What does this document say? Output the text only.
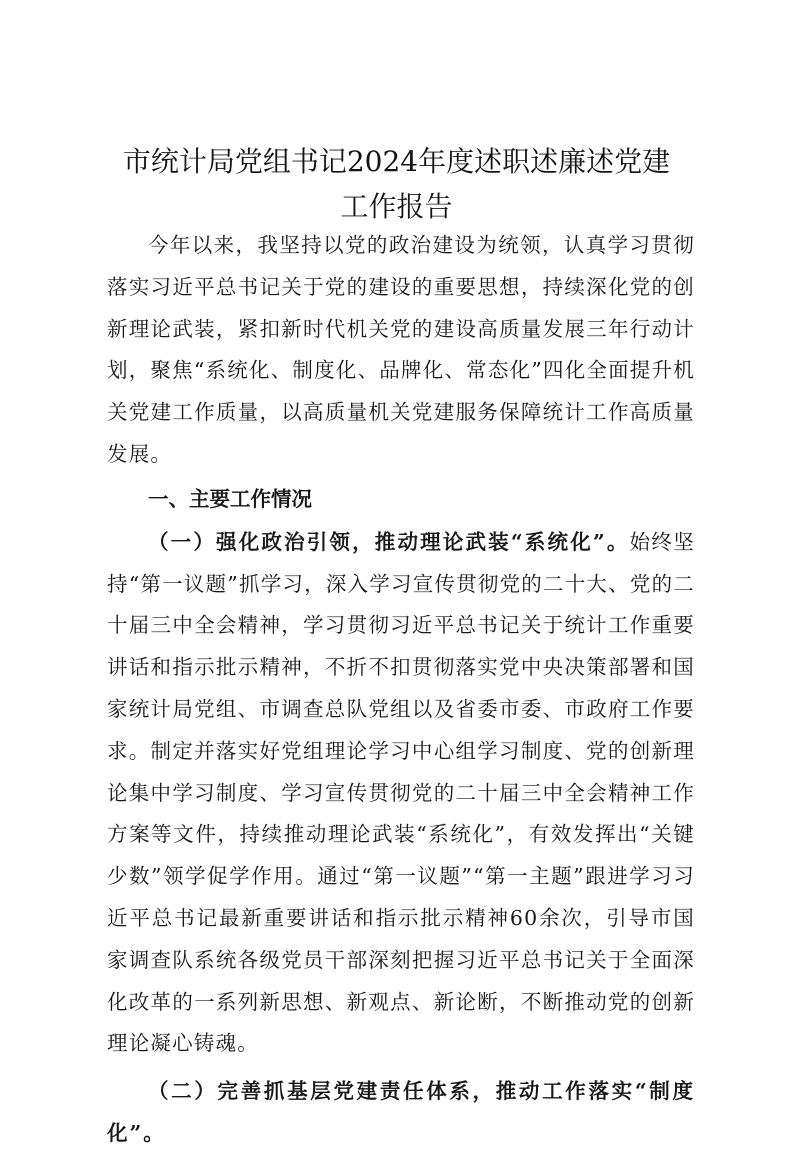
市统计局党组书记2024年度述职述廉述党建
工作报告

今年以来，我坚持以党的政治建设为统领，认真学习贯彻落实习近平总书记关于党的建设的重要思想，持续深化党的创新理论武装，紧扣新时代机关党的建设高质量发展三年行动计划，聚焦“系统化、制度化、品牌化、常态化”四化全面提升机关党建工作质量，以高质量机关党建服务保障统计工作高质量发展。

一、主要工作情况

（一）强化政治引领，推动理论武装“系统化”。始终坚持“第一议题”抓学习，深入学习宣传贯彻党的二十大、党的二十届三中全会精神，学习贯彻习近平总书记关于统计工作重要讲话和指示批示精神，不折不扣贯彻落实党中央决策部署和国家统计局党组、市调查总队党组以及省委市委、市政府工作要求。制定并落实好党组理论学习中心组学习制度、党的创新理论集中学习制度、学习宣传贯彻党的二十届三中全会精神工作方案等文件，持续推动理论武装“系统化”，有效发挥出“关键少数”领学促学作用。通过“第一议题”“第一主题”跟进学习习近平总书记最新重要讲话和指示批示精神60余次，引导市国家调查队系统各级党员干部深刻把握习近平总书记关于全面深化改革的一系列新思想、新观点、新论断，不断推动党的创新理论凝心铸魂。

（二）完善抓基层党建责任体系，推动工作落实“制度化”。
